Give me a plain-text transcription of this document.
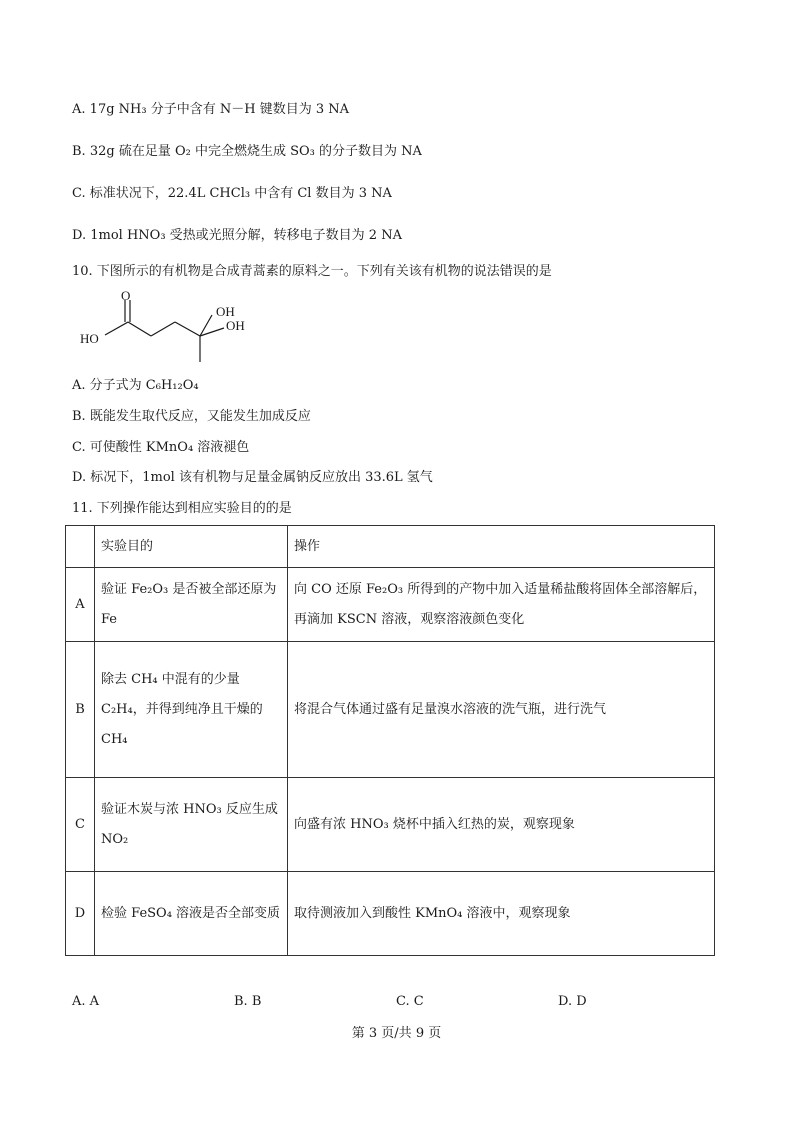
A. 17g NH₃ 分子中含有 N－H 键数目为 3 NA
B. 32g 硫在足量 O₂ 中完全燃烧生成 SO₃ 的分子数目为 NA
C. 标准状况下，22.4L CHCl₃ 中含有 Cl 数目为 3 NA
D. 1mol HNO₃ 受热或光照分解，转移电子数目为 2 NA
10. 下图所示的有机物是合成青蒿素的原料之一。下列有关该有机物的说法错误的是
O
HO
OH
OH
A. 分子式为 C₆H₁₂O₄
B. 既能发生取代反应，又能发生加成反应
C. 可使酸性 KMnO₄ 溶液褪色
D. 标况下，1mol 该有机物与足量金属钠反应放出 33.6L 氢气
11. 下列操作能达到相应实验目的的是
	实验目的	操作
A	验证 Fe₂O₃ 是否被全部还原为 Fe	向 CO 还原 Fe₂O₃ 所得到的产物中加入适量稀盐酸将固体全部溶解后，再滴加 KSCN 溶液，观察溶液颜色变化
B	除去 CH₄ 中混有的少量 C₂H₄，并得到纯净且干燥的 CH₄	将混合气体通过盛有足量溴水溶液的洗气瓶，进行洗气
C	验证木炭与浓 HNO₃ 反应生成 NO₂	向盛有浓 HNO₃ 烧杯中插入红热的炭，观察现象
D	检验 FeSO₄ 溶液是否全部变质	取待测液加入到酸性 KMnO₄ 溶液中，观察现象
A. A	B. B	C. C	D. D
第 3 页/共 9 页
